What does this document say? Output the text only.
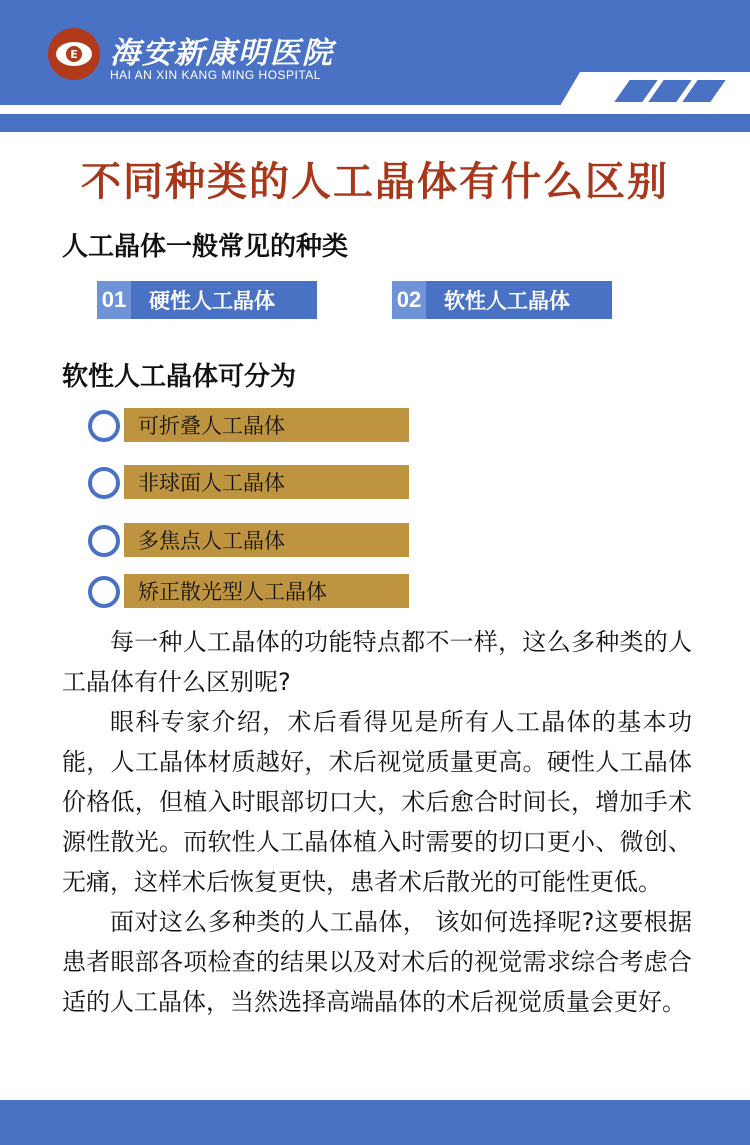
E 海安新康明医院
HAI AN XIN KANG MING HOSPITAL
不同种类的人工晶体有什么区别
人工晶体一般常见的种类
01	硬性人工晶体	02	软性人工晶体
软性人工晶体可分为
可折叠人工晶体
非球面人工晶体
多焦点人工晶体
矫正散光型人工晶体

每一种人工晶体的功能特点都不一样，这么多种类的人工晶体有什么区别呢?

眼科专家介绍，术后看得见是所有人工晶体的基本功能，人工晶体材质越好，术后视觉质量更高。硬性人工晶体价格低，但植入时眼部切口大，术后愈合时间长，增加手术源性散光。而软性人工晶体植入时需要的切口更小、微创、无痛，这样术后恢复更快，患者术后散光的可能性更低。

面对这么多种类的人工晶体， 该如何选择呢?这要根据患者眼部各项检查的结果以及对术后的视觉需求综合考虑合适的人工晶体，当然选择高端晶体的术后视觉质量会更好。
